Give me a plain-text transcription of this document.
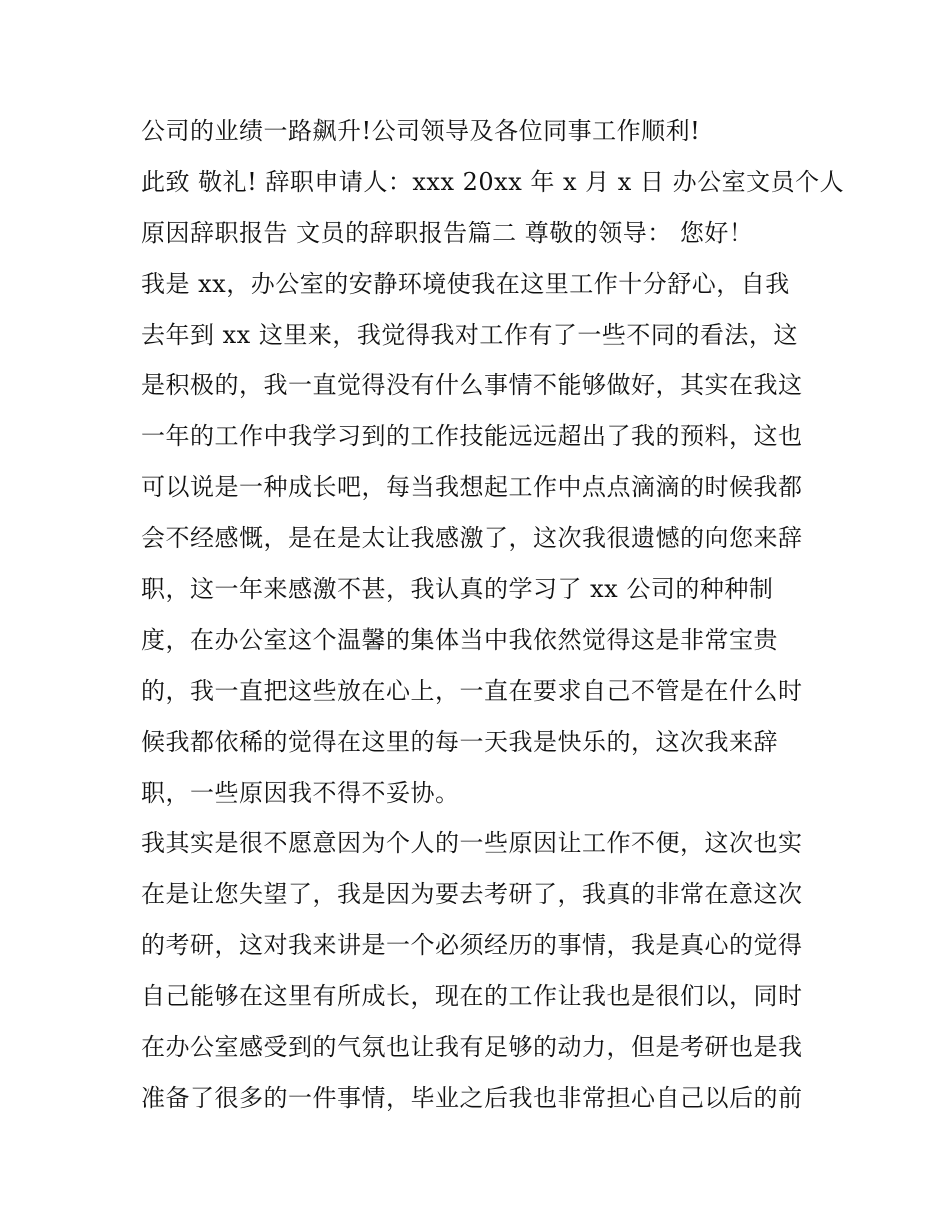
公司的业绩一路飙升!公司领导及各位同事工作顺利!
此致 敬礼! 辞职申请人：xxx 20xx 年 x 月 x 日 办公室文员个人
原因辞职报告 文员的辞职报告篇二 尊敬的领导： 您好！
我是 xx，办公室的安静环境使我在这里工作十分舒心，自我
去年到 xx 这里来，我觉得我对工作有了一些不同的看法，这
是积极的，我一直觉得没有什么事情不能够做好，其实在我这
一年的工作中我学习到的工作技能远远超出了我的预料，这也
可以说是一种成长吧，每当我想起工作中点点滴滴的时候我都
会不经感慨，是在是太让我感激了，这次我很遗憾的向您来辞
职，这一年来感激不甚，我认真的学习了 xx 公司的种种制
度，在办公室这个温馨的集体当中我依然觉得这是非常宝贵
的，我一直把这些放在心上，一直在要求自己不管是在什么时
候我都依稀的觉得在这里的每一天我是快乐的，这次我来辞
职，一些原因我不得不妥协。
我其实是很不愿意因为个人的一些原因让工作不便，这次也实
在是让您失望了，我是因为要去考研了，我真的非常在意这次
的考研，这对我来讲是一个必须经历的事情，我是真心的觉得
自己能够在这里有所成长，现在的工作让我也是很们以，同时
在办公室感受到的气氛也让我有足够的动力，但是考研也是我
准备了很多的一件事情，毕业之后我也非常担心自己以后的前
